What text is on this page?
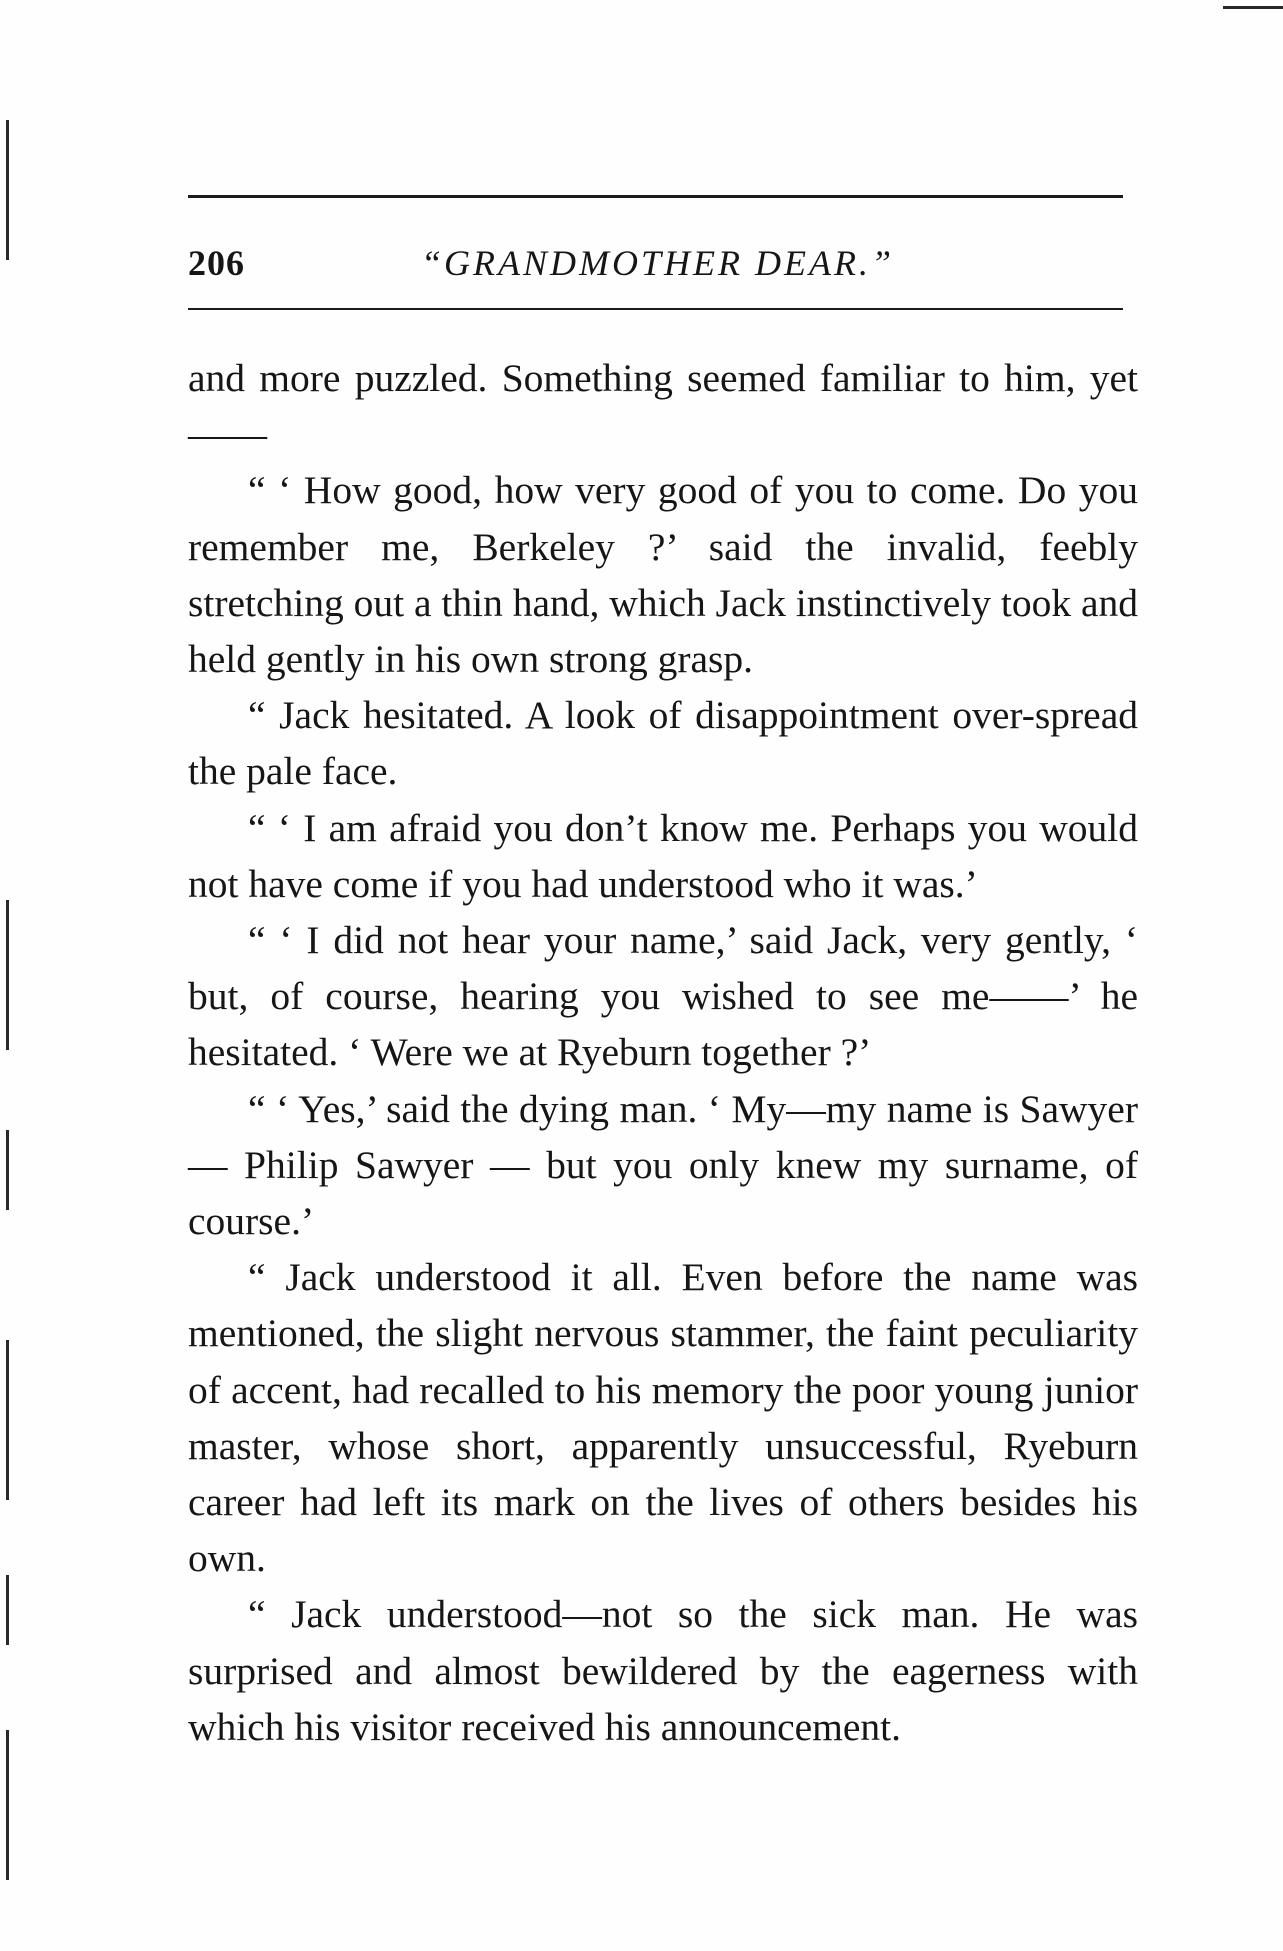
206	“GRANDMOTHER DEAR.”

and more puzzled. Something seemed familiar to him, yet——

“ ‘ How good, how very good of you to come. Do you remember me, Berkeley ?’ said the invalid, feebly stretching out a thin hand, which Jack instinctively took and held gently in his own strong grasp.

“ Jack hesitated. A look of disappointment over-spread the pale face.

“ ‘ I am afraid you don’t know me. Perhaps you would not have come if you had understood who it was.’

“ ‘ I did not hear your name,’ said Jack, very gently, ‘ but, of course, hearing you wished to see me——’ he hesitated. ‘ Were we at Ryeburn together ?’

“ ‘ Yes,’ said the dying man. ‘ My—my name is Sawyer — Philip Sawyer — but you only knew my surname, of course.’

“ Jack understood it all. Even before the name was mentioned, the slight nervous stammer, the faint peculiarity of accent, had recalled to his memory the poor young junior master, whose short, apparently unsuccessful, Ryeburn career had left its mark on the lives of others besides his own.

“ Jack understood—not so the sick man. He was surprised and almost bewildered by the eagerness with which his visitor received his announcement.
